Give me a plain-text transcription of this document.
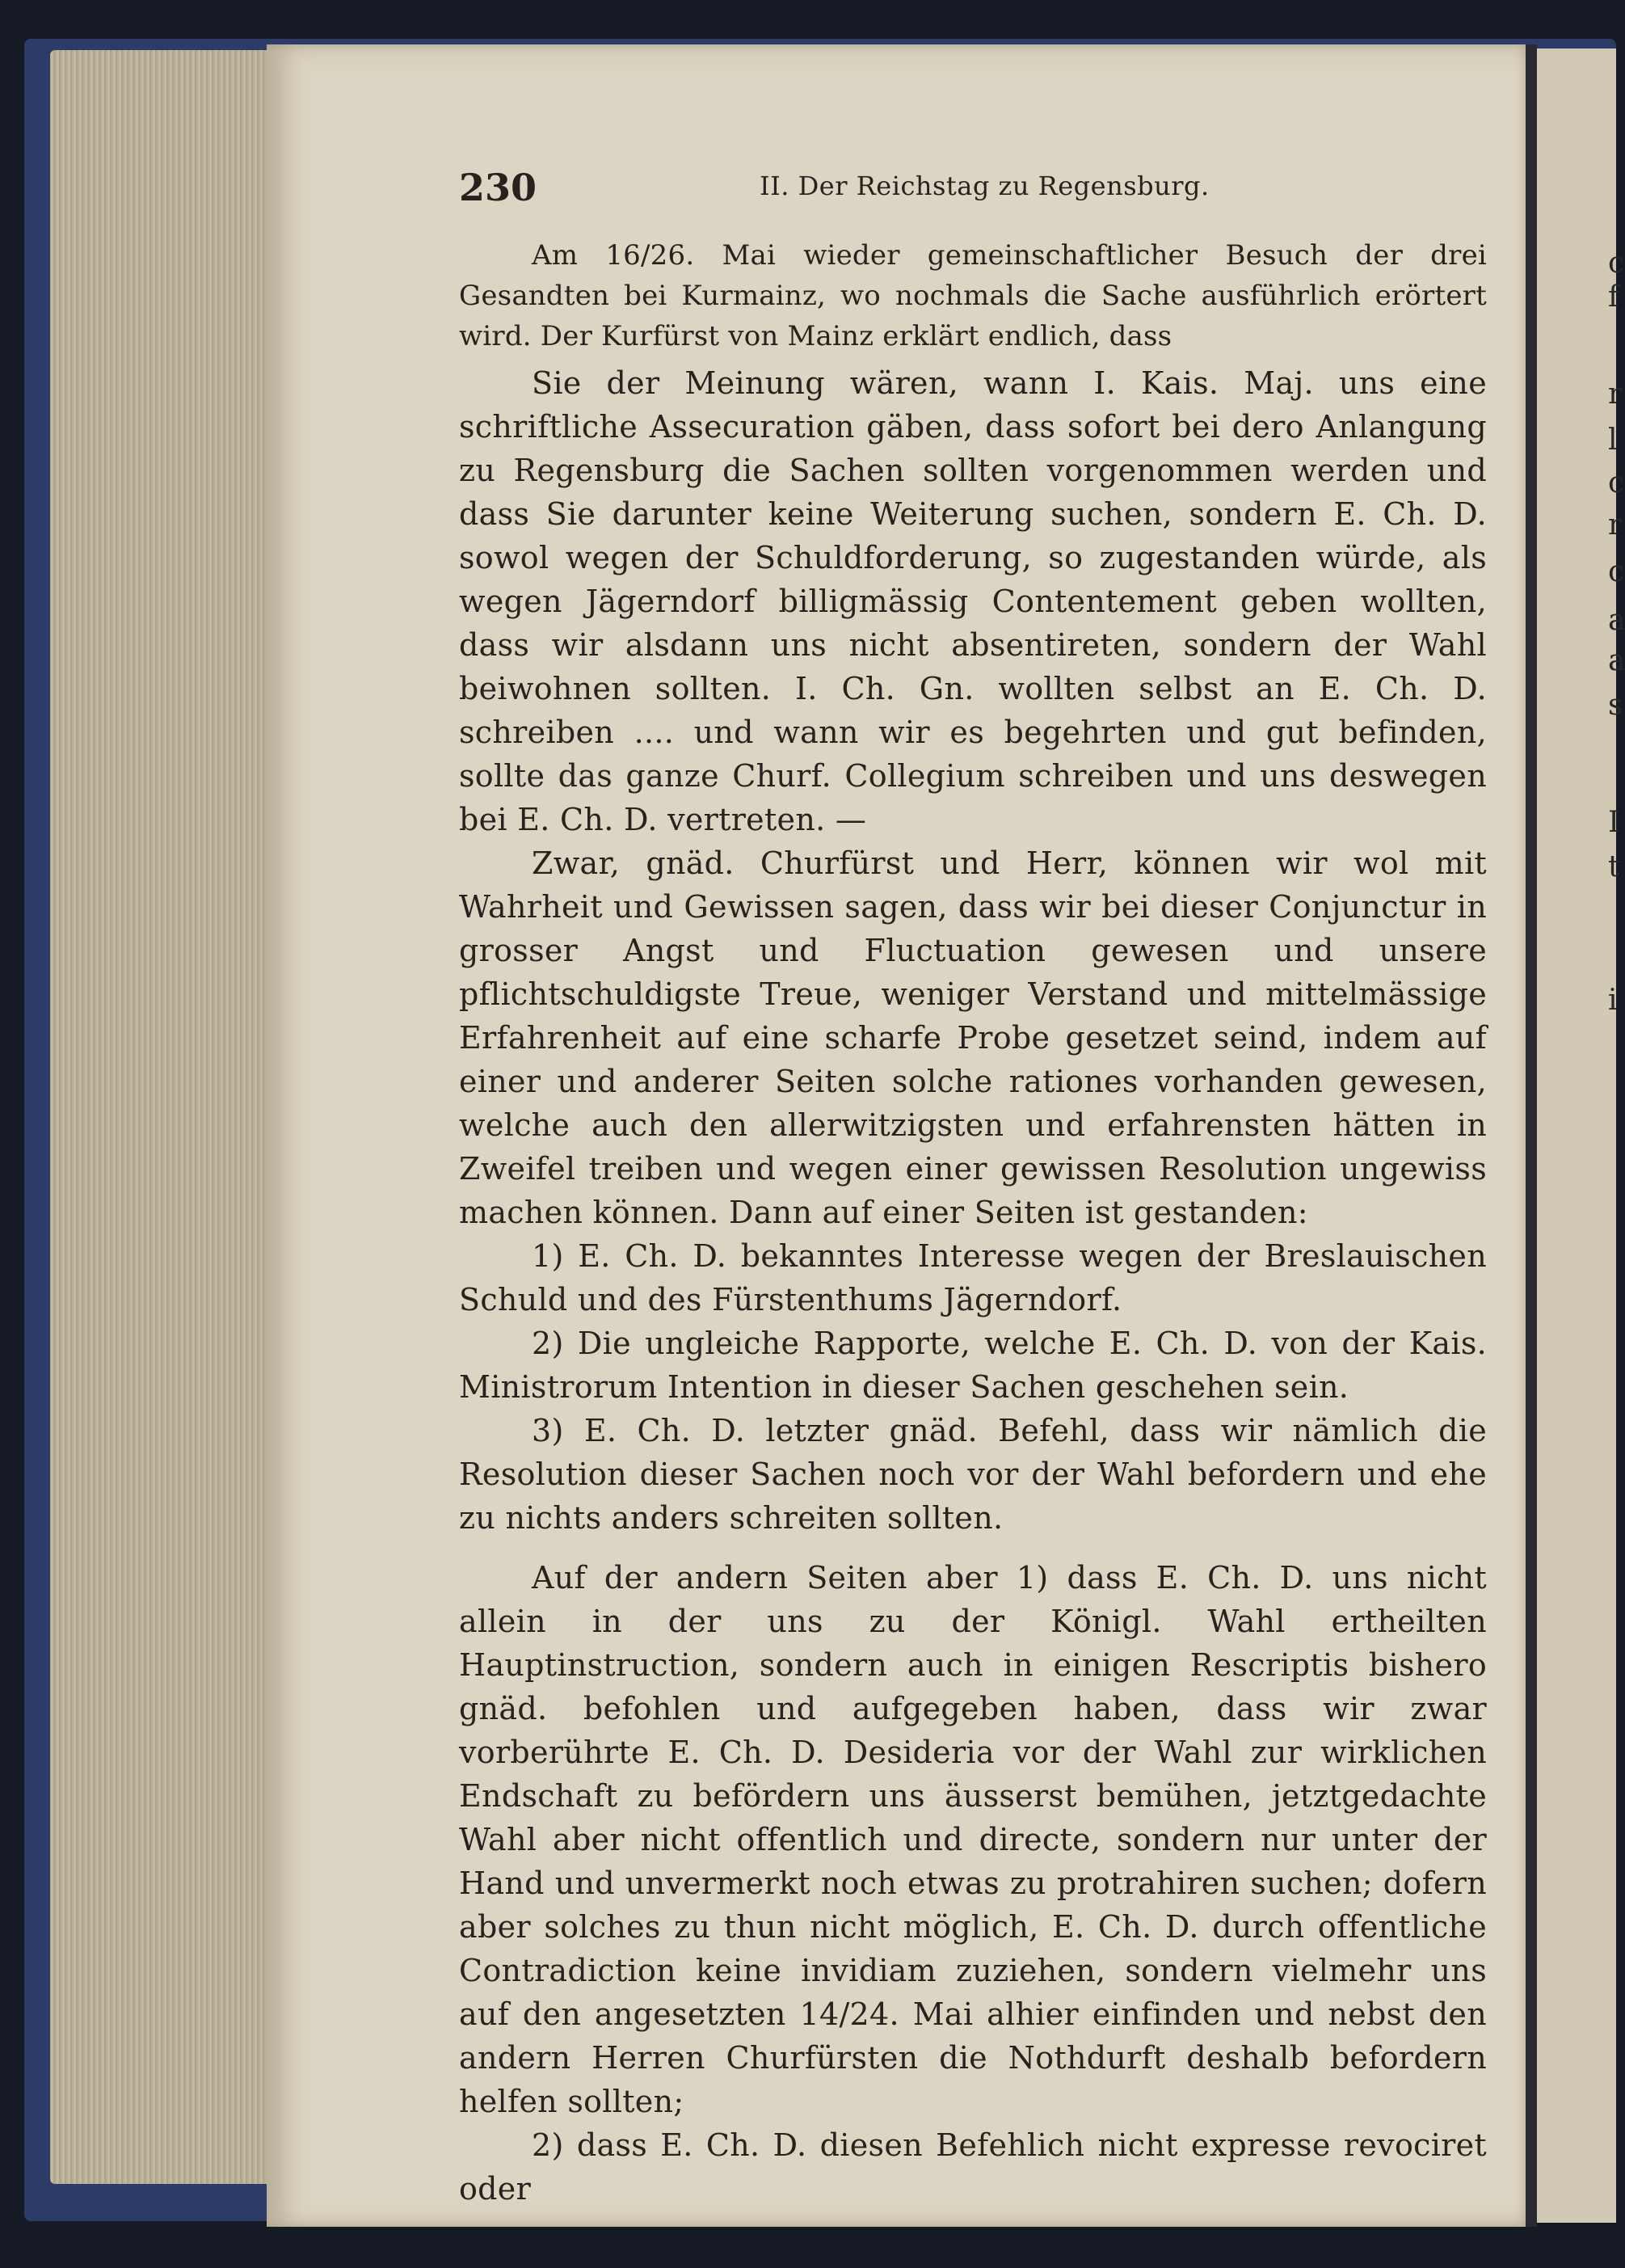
c
f
r
l
c
r
c
a
a
s
I
t
i
230	II. Der Reichstag zu Regensburg.

Am 16/26. Mai wieder gemeinschaftlicher Besuch der drei Gesandten bei Kurmainz, wo nochmals die Sache ausführlich erörtert wird. Der Kurfürst von Mainz erklärt endlich, dass

Sie der Meinung wären, wann I. Kais. Maj. uns eine schriftliche Assecuration gäben, dass sofort bei dero Anlangung zu Regensburg die Sachen sollten vorgenommen werden und dass Sie darunter keine Weiterung suchen, sondern E. Ch. D. sowol wegen der Schuldforderung, so zugestanden würde, als wegen Jägerndorf billigmässig Contentement geben wollten, dass wir alsdann uns nicht absentireten, sondern der Wahl beiwohnen sollten. I. Ch. Gn. wollten selbst an E. Ch. D. schreiben .... und wann wir es begehrten und gut befinden, sollte das ganze Churf. Collegium schreiben und uns deswegen bei E. Ch. D. vertreten. —

Zwar, gnäd. Churfürst und Herr, können wir wol mit Wahrheit und Gewissen sagen, dass wir bei dieser Conjunctur in grosser Angst und Fluctuation gewesen und unsere pflichtschuldigste Treue, weniger Verstand und mittelmässige Erfahrenheit auf eine scharfe Probe gesetzet seind, indem auf einer und anderer Seiten solche rationes vorhanden gewesen, welche auch den allerwitzigsten und erfahrensten hätten in Zweifel treiben und wegen einer gewissen Resolution ungewiss machen können. Dann auf einer Seiten ist gestanden:

1) E. Ch. D. bekanntes Interesse wegen der Breslauischen Schuld und des Fürstenthums Jägerndorf.

2) Die ungleiche Rapporte, welche E. Ch. D. von der Kais. Ministrorum Intention in dieser Sachen geschehen sein.

3) E. Ch. D. letzter gnäd. Befehl, dass wir nämlich die Resolution dieser Sachen noch vor der Wahl befordern und ehe zu nichts anders schreiten sollten.

Auf der andern Seiten aber 1) dass E. Ch. D. uns nicht allein in der uns zu der Königl. Wahl ertheilten Hauptinstruction, sondern auch in einigen Rescriptis bishero gnäd. befohlen und aufgegeben haben, dass wir zwar vorberührte E. Ch. D. Desideria vor der Wahl zur wirklichen Endschaft zu befördern uns äusserst bemühen, jetztgedachte Wahl aber nicht offentlich und directe, sondern nur unter der Hand und unvermerkt noch etwas zu protrahiren suchen; dofern aber solches zu thun nicht möglich, E. Ch. D. durch offentliche Contradiction keine invidiam zuziehen, sondern vielmehr uns auf den angesetzten 14/24. Mai alhier einfinden und nebst den andern Herren Churfürsten die Nothdurft deshalb befordern helfen sollten;

2) dass E. Ch. D. diesen Befehlich nicht expresse revociret oder
